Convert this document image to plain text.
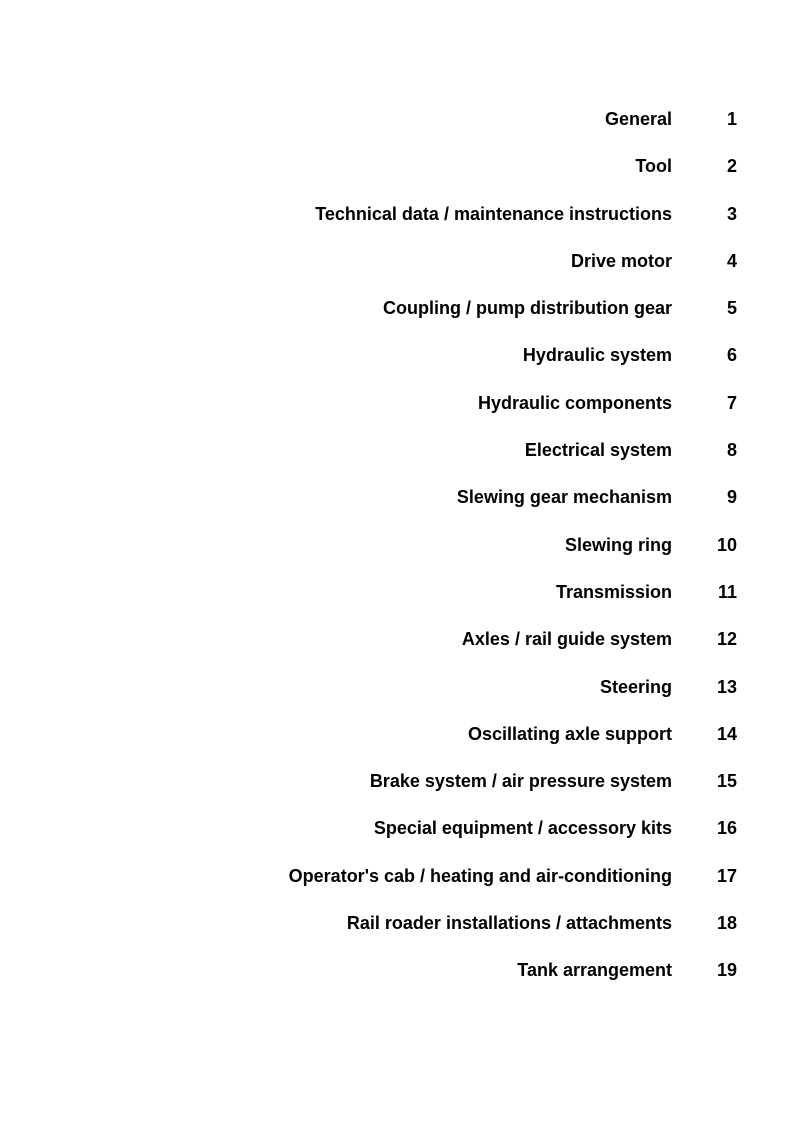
General	1
Tool	2
Technical data / maintenance instructions	3
Drive motor	4
Coupling / pump distribution gear	5
Hydraulic system	6
Hydraulic components	7
Electrical system	8
Slewing gear mechanism	9
Slewing ring 10
Transmission	11
Axles / rail guide system 12
Steering 13
Oscillating axle support 14
Brake system / air pressure system 15
Special equipment / accessory kits 16
Operator's cab / heating and air-conditioning 17
Rail roader installations / attachments 18
Tank arrangement 19
